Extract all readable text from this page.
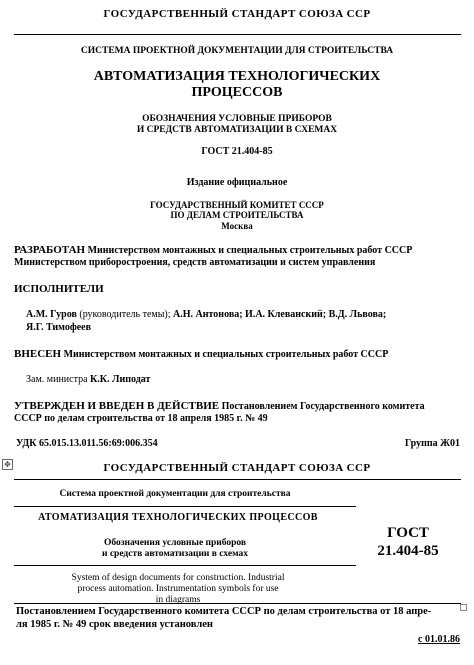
ГОСУДАРСТВЕННЫЙ СТАНДАРТ СОЮЗА ССР
СИСТЕМА ПРОЕКТНОЙ ДОКУМЕНТАЦИИ ДЛЯ СТРОИТЕЛЬСТВА
АВТОМАТИЗАЦИЯ ТЕХНОЛОГИЧЕСКИХ
ПРОЦЕССОВ
ОБОЗНАЧЕНИЯ УСЛОВНЫЕ ПРИБОРОВ
И СРЕДСТВ АВТОМАТИЗАЦИИ В СХЕМАХ
ГОСТ 21.404-85
Издание официальное
ГОСУДАРСТВЕННЫЙ КОМИТЕТ СССР
ПО ДЕЛАМ СТРОИТЕЛЬСТВА
Москва
РАЗРАБОТАН Министерством монтажных и специальных строительных работ СССР
Министерством приборостроения, средств автоматизации и систем управления
ИСПОЛНИТЕЛИ
А.М. Гуров (руководитель темы); А.Н. Антонова; И.А. Клеванский; В.Д. Львова;
Я.Г. Тимофеев
ВНЕСЕН Министерством монтажных и специальных строительных работ СССР
Зам. министра К.К. Липодат
УТВЕРЖДЕН И ВВЕДЕН В ДЕЙСТВИЕ Постановлением Государственного комитета
СССР по делам строительства от 18 апреля 1985 г. № 49
УДК 65.015.13.011.56:69:006.354	Группа Ж01
✥	ГОСУДАРСТВЕННЫЙ СТАНДАРТ СОЮЗА ССР
Система проектной документации для строительства
АТОМАТИЗАЦИЯ ТЕХНОЛОГИЧЕСКИХ ПРОЦЕССОВ
Обозначения условные приборов
и средств автоматизации в схемах
ГОСТ
21.404-85
System of design documents for construction. Industrial
process automation. Instrumentation symbols for use
in diagrams
Постановлением Государственного комитета СССР по делам строительства от 18 апре-
ля 1985 г. № 49 срок введения установлен
с 01.01.86
